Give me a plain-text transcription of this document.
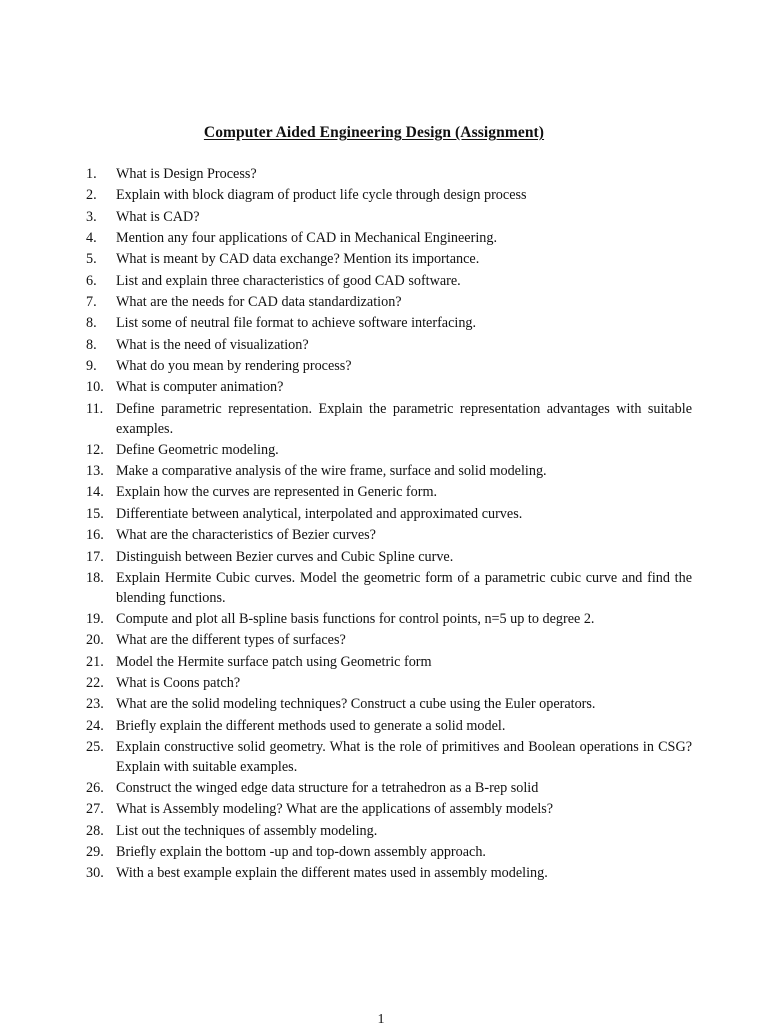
Computer Aided Engineering Design (Assignment)
1.	What is Design Process?
2.	Explain with block diagram of product life cycle through design process
3.	What is CAD?
4.	Mention any four applications of CAD in Mechanical Engineering.
5.	What is meant by CAD data exchange? Mention its importance.
6.	List and explain three characteristics of good CAD software.
7.	What are the needs for CAD data standardization?
8.	List some of neutral file format to achieve software interfacing.
8.	What is the need of visualization?
9.	What do you mean by rendering process?
10. What is computer animation?
11. Define parametric representation. Explain the parametric representation advantages with suitable examples.
12. Define Geometric modeling.
13. Make a comparative analysis of the wire frame, surface and solid modeling.
14. Explain how the curves are represented in Generic form.
15. Differentiate between analytical, interpolated and approximated curves.
16. What are the characteristics of Bezier curves?
17. Distinguish between Bezier curves and Cubic Spline curve.
18. Explain Hermite Cubic curves. Model the geometric form of a parametric cubic curve and find the blending functions.
19. Compute and plot all B-spline basis functions for control points, n=5 up to degree 2.
20. What are the different types of surfaces?
21. Model the Hermite surface patch using Geometric form
22. What is Coons patch?
23. What are the solid modeling techniques? Construct a cube using the Euler operators.
24. Briefly explain the different methods used to generate a solid model.
25. Explain constructive solid geometry. What is the role of primitives and Boolean operations in CSG? Explain with suitable examples.
26. Construct the winged edge data structure for a tetrahedron as a B-rep solid
27. What is Assembly modeling? What are the applications of assembly models?
28. List out the techniques of assembly modeling.
29. Briefly explain the bottom -up and top-down assembly approach.
30. With a best example explain the different mates used in assembly modeling.
1
